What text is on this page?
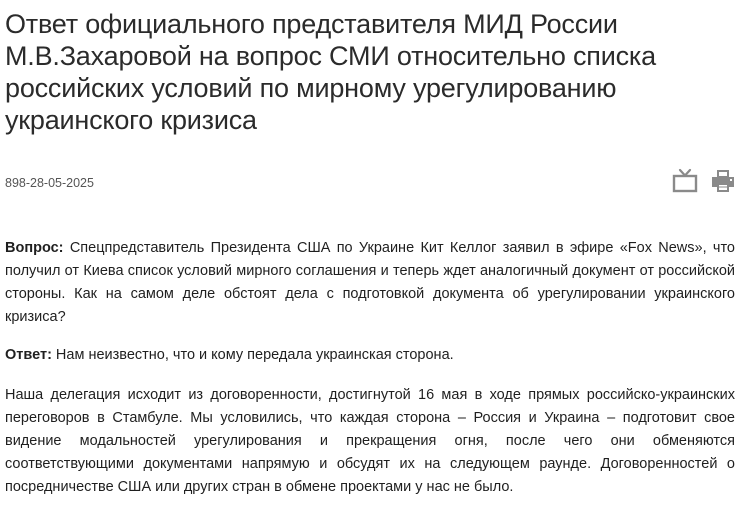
Ответ официального представителя МИД России М.В.Захаровой на вопрос СМИ относительно списка российских условий по мирному урегулированию украинского кризиса
898-28-05-2025

Вопрос: Спецпредставитель Президента США по Украине Кит Келлог заявил в эфире «Fox News», что получил от Киева список условий мирного соглашения и теперь ждет аналогичный документ от российской стороны. Как на самом деле обстоят дела с подготовкой документа об урегулировании украинского кризиса?

Ответ: Нам неизвестно, что и кому передала украинская сторона.

Наша делегация исходит из договоренности, достигнутой 16 мая в ходе прямых российско-украинских переговоров в Стамбуле. Мы условились, что каждая сторона – Россия и Украина – подготовит свое видение модальностей урегулирования и прекращения огня, после чего они обменяются соответствующими документами напрямую и обсудят их на следующем раунде. Договоренностей о посредничестве США или других стран в обмене проектами у нас не было.
